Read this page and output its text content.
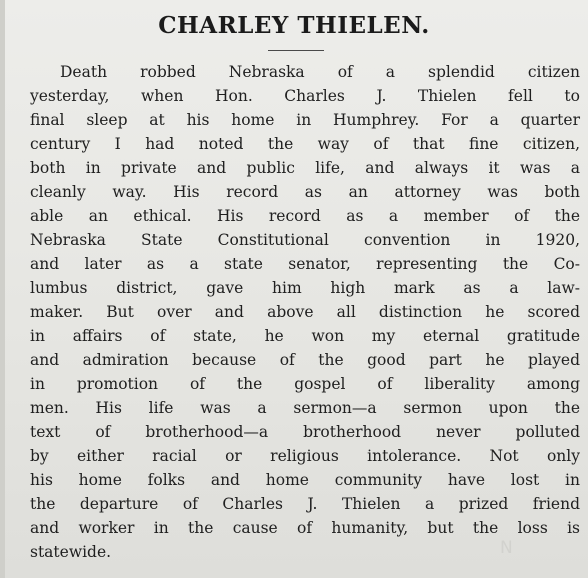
CHARLEY THIELEN.
Death robbed Nebraska of a splendid citizen
yesterday, when Hon. Charles J. Thielen fell to
final sleep at his home in Humphrey. For a quarter
century I had noted the way of that fine citizen,
both in private and public life, and always it was a
cleanly way. His record as an attorney was both
able an ethical. His record as a member of the
Nebraska State Constitutional convention in 1920,
and later as a state senator, representing the Co-
lumbus district, gave him high mark as a law-
maker. But over and above all distinction he scored
in affairs of state, he won my eternal gratitude
and admiration because of the good part he played
in promotion of the gospel of liberality among
men. His life was a sermon—a sermon upon the
text of brotherhood—a brotherhood never polluted
by either racial or religious intolerance. Not only
his home folks and home community have lost in
the departure of Charles J. Thielen a prized friend
and worker in the cause of humanity, but the loss is
statewide.	N
